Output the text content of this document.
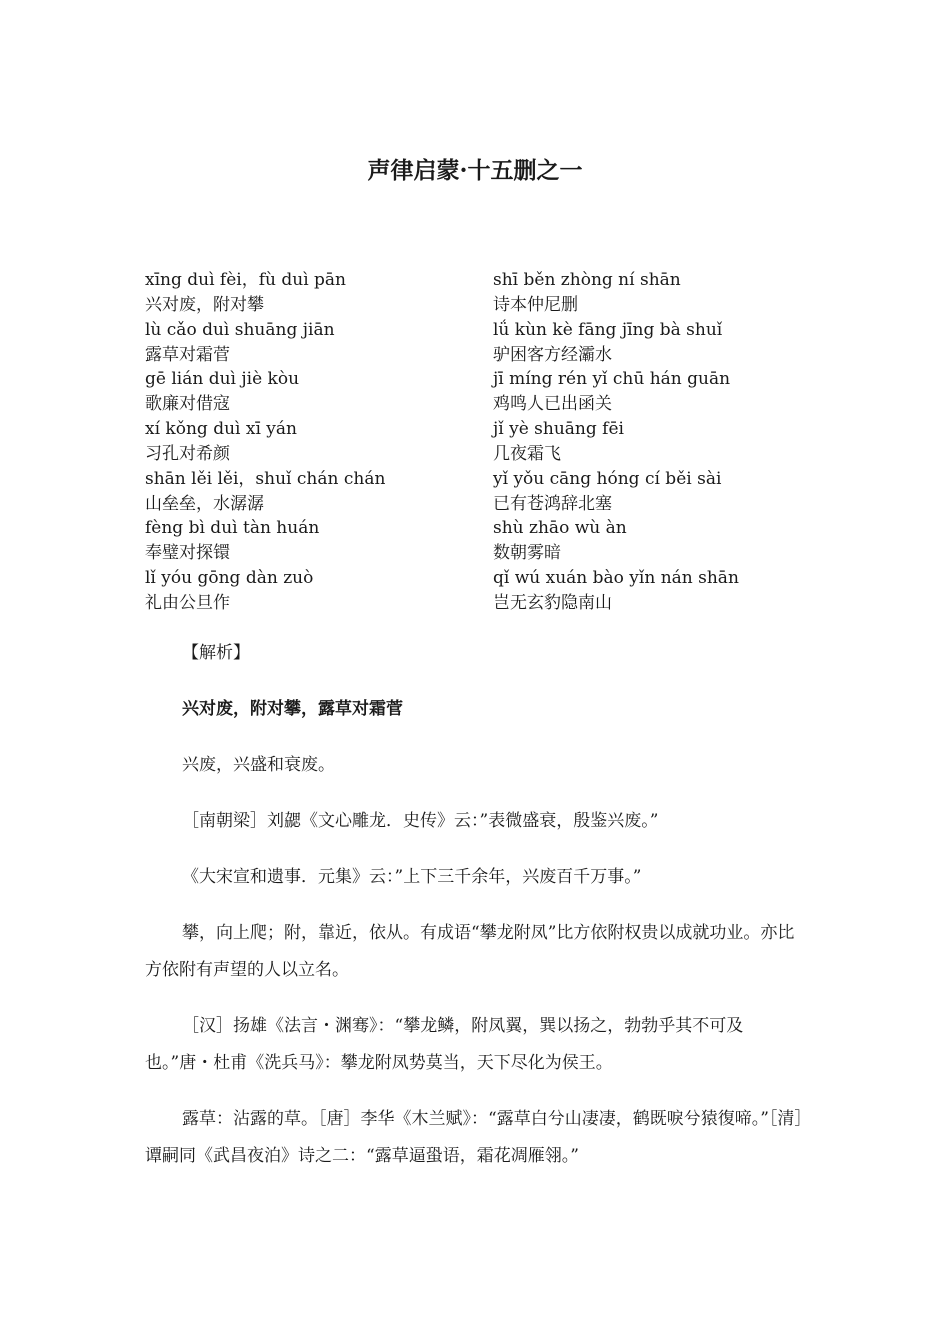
声律启蒙·十五删之一
xīng duì fèi，fù duì pān
兴对废，附对攀
lù cǎo duì shuāng jiān
露草对霜菅
gē lián duì jiè kòu
歌廉对借寇
xí kǒng duì xī yán
习孔对希颜
shān lěi lěi，shuǐ chán chán
山垒垒，水潺潺
fèng bì duì tàn huán
奉璧对探镮
lǐ yóu gōng dàn zuò
礼由公旦作
shī běn zhòng ní shān
诗本仲尼删
lǘ kùn kè fāng jīng bà shuǐ
驴困客方经灞水
jī míng rén yǐ chū hán guān
鸡鸣人已出函关
jǐ yè shuāng fēi
几夜霜飞
yǐ yǒu cāng hóng cí běi sài
已有苍鸿辞北塞
shù zhāo wù àn
数朝雾暗
qǐ wú xuán bào yǐn nán shān
岂无玄豹隐南山

【解析】

兴对废，附对攀，露草对霜菅

兴废，兴盛和衰废。

［南朝梁］刘勰《文心雕龙．史传》云：”表微盛衰，殷鉴兴废。”

《大宋宣和遗事．元集》云：”上下三千余年，兴废百千万事。”

攀，向上爬；附，靠近，依从。有成语“攀龙附凤”比方依附权贵以成就功业。亦比方依附有声望的人以立名。

［汉］扬雄《法言・渊骞》：“攀龙鳞，附凤翼，巽以扬之，勃勃乎其不可及也。”唐・杜甫《洗兵马》：攀龙附凤势莫当，天下尽化为侯王。

露草：沾露的草。［唐］李华《木兰赋》：“露草白兮山凄凄，鹤既唳兮猿復啼。”［清］谭嗣同《武昌夜泊》诗之二：“露草逼蛩语，霜花凋雁翎。”
